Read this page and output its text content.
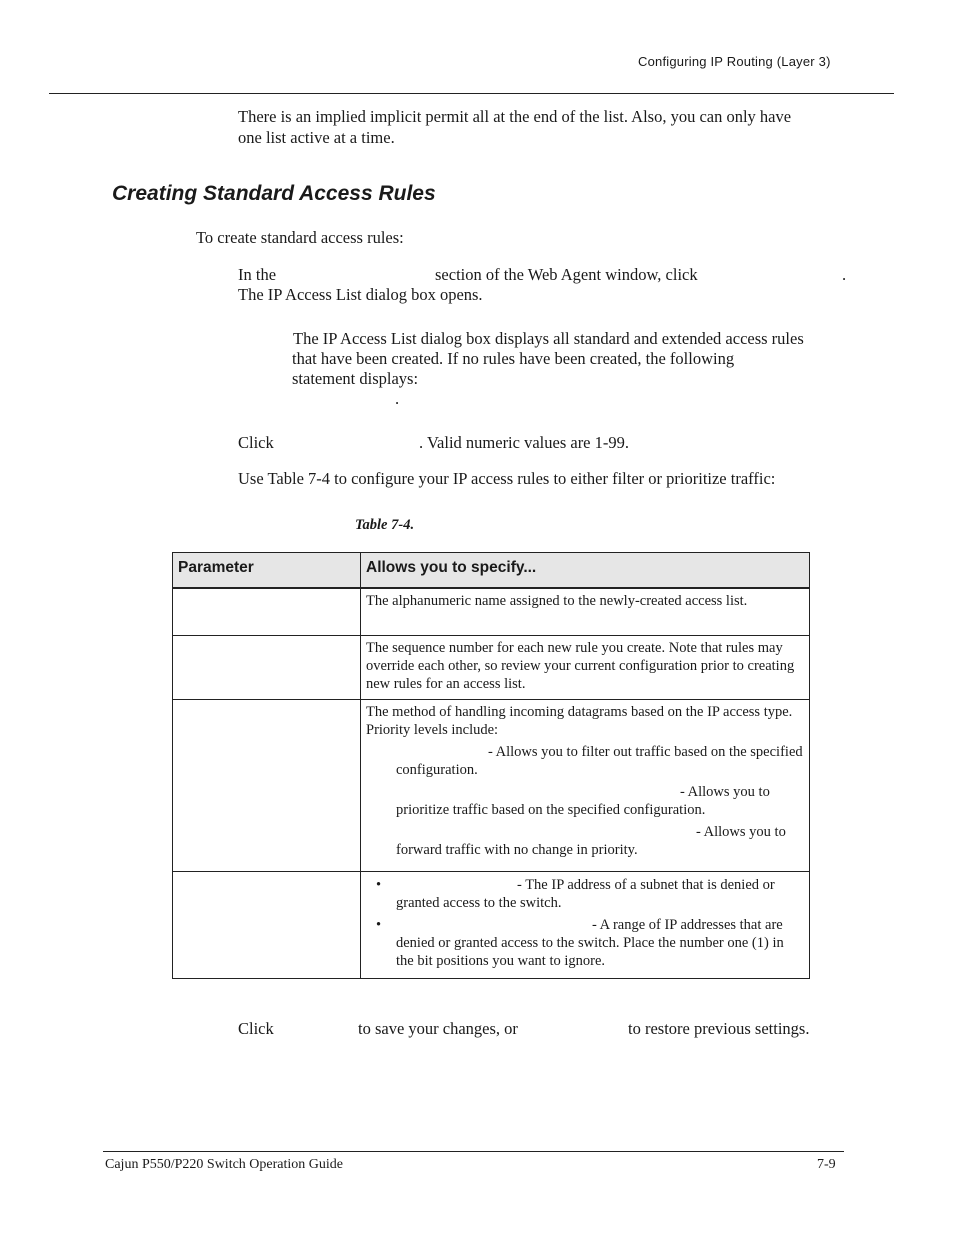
Configuring IP Routing (Layer 3)
There is an implied implicit permit all at the end of the list. Also, you can only have
one list active at a time.
Creating Standard Access Rules
To create standard access rules:
In the	section of the Web Agent window, click	.
The IP Access List dialog box opens.
The IP Access List dialog box displays all standard and extended access rules
that have been created. If no rules have been created, the following
statement displays:
.
Click	. Valid numeric values are 1-99.
Use Table 7-4 to configure your IP access rules to either filter or prioritize traffic:
Table 7-4.
Parameter	Allows you to specify...
	The alphanumeric name assigned to the newly-created access list.
	The sequence number for each new rule you create. Note that rules may override each other, so review your current configuration prior to creating new rules for an access list.

	The method of handling incoming datagrams based on the IP access type. Priority levels include:
- Allows you to filter out traffic based on the specified configuration.
- Allows you to prioritize traffic based on the specified configuration.
- Allows you to forward traffic with no change in priority.

	• - The IP address of a subnet that is denied or granted access to the switch.
• - A range of IP addresses that are denied or granted access to the switch. Place the number one (1) in the bit positions you want to ignore.
Click	to save your changes, or	to restore previous settings.
Cajun P550/P220 Switch Operation Guide	7-9
